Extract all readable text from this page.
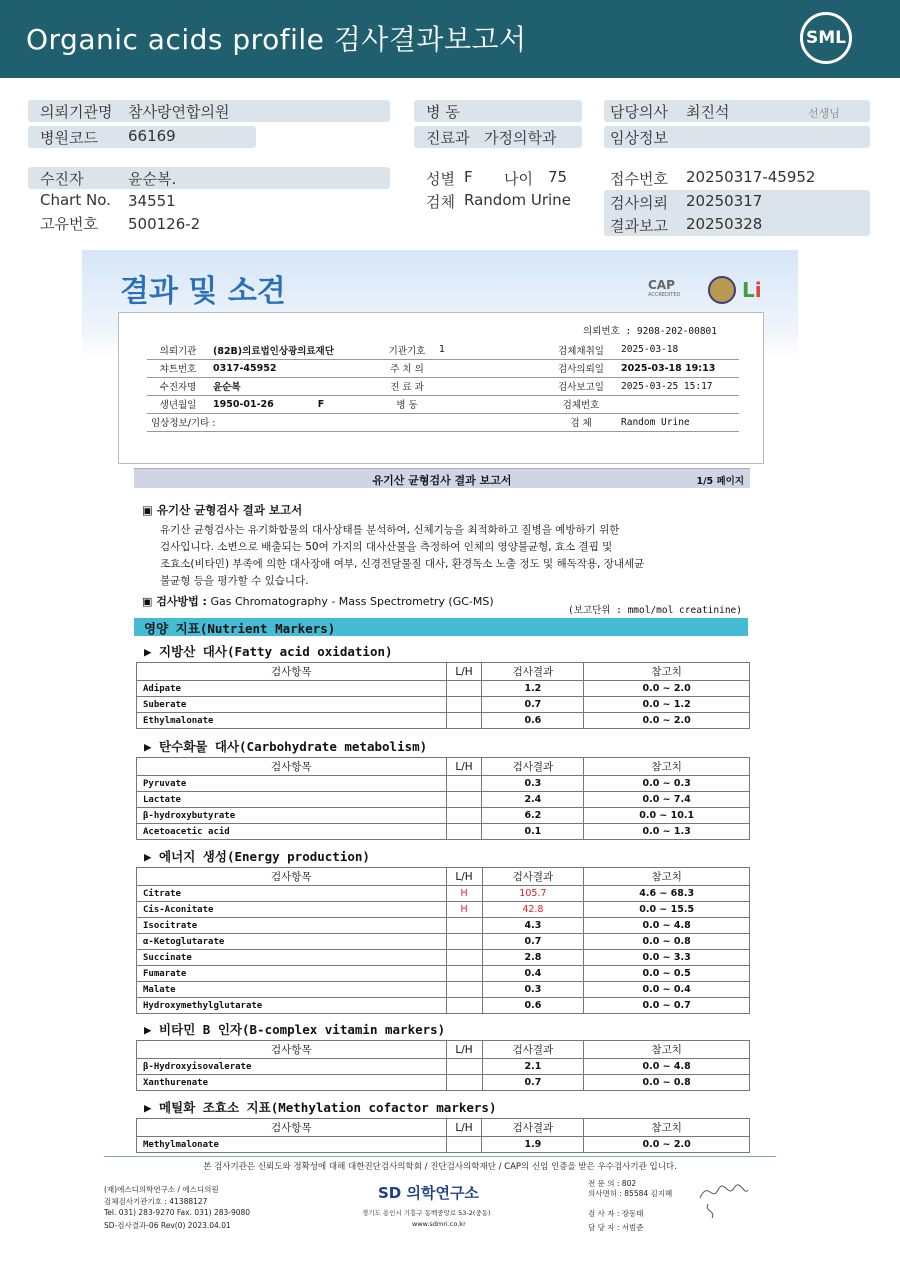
Organic acids profile 검사결과보고서	SML
의뢰기관명 참사랑연합의원
병원코드 66169
병 동
진료과 가정의학과
담당의사 최진석	선생님
임상정보
수진자	윤순복.
Chart No. 34551
고유번호 500126-2
성별 F 나이 75
검체 Random Urine
접수번호 20250317-45952
검사의뢰 20250317
결과보고 20250328
결과 및 소견	CAP
ACCREDITED	Li
의뢰번호 : 9208-202-00801
의뢰기관	(82B)의료법인상광의료재단	기관기호	1	검체채취일	2025-03-18
챠트번호	0317-45952	주 치 의		검사의뢰일	2025-03-18 19:13
수진자명	윤순복	진 료 과		검사보고일	2025-03-25 15:17
생년월일	1950-01-26 F	병 동		검체번호	
임상정보/기타 :				검 체	Random Urine
유기산 균형검사 결과 보고서	1/5 페이지
▣ 유기산 균형검사 결과 보고서
유기산 균형검사는 유기화합물의 대사상태를 분석하여, 신체기능을 최적화하고 질병을 예방하기 위한
검사입니다. 소변으로 배출되는 50여 가지의 대사산물을 측정하여 인체의 영양불균형, 효소 결핍 및
조효소(비타민) 부족에 의한 대사장애 여부, 신경전달물질 대사, 환경독소 노출 정도 및 해독작용, 장내세균
불균형 등을 평가할 수 있습니다.
▣ 검사방법 : Gas Chromatography - Mass Spectrometry (GC-MS)
(보고단위 : mmol/mol creatinine)
영양 지표(Nutrient Markers)
▶ 지방산 대사(Fatty acid oxidation)
검사항목	L/H	검사결과	참고치
Adipate		1.2	0.0 ~ 2.0
Suberate		0.7	0.0 ~ 1.2
Ethylmalonate		0.6	0.0 ~ 2.0
▶ 탄수화물 대사(Carbohydrate metabolism)
검사항목	L/H	검사결과	참고치
Pyruvate		0.3	0.0 ~ 0.3
Lactate		2.4	0.0 ~ 7.4
β-hydroxybutyrate		6.2	0.0 ~ 10.1
Acetoacetic acid		0.1	0.0 ~ 1.3
▶ 에너지 생성(Energy production)
검사항목	L/H	검사결과	참고치
Citrate	H	105.7	4.6 ~ 68.3
Cis-Aconitate	H	42.8	0.0 ~ 15.5
Isocitrate		4.3	0.0 ~ 4.8
α-Ketoglutarate		0.7	0.0 ~ 0.8
Succinate		2.8	0.0 ~ 3.3
Fumarate		0.4	0.0 ~ 0.5
Malate		0.3	0.0 ~ 0.4
Hydroxymethylglutarate		0.6	0.0 ~ 0.7
▶ 비타민 B 인자(B-complex vitamin markers)
검사항목	L/H	검사결과	참고치
β-Hydroxyisovalerate		2.1	0.0 ~ 4.8
Xanthurenate		0.7	0.0 ~ 0.8
▶ 메틸화 조효소 지표(Methylation cofactor markers)
검사항목	L/H	검사결과	참고치
Methylmalonate		1.9	0.0 ~ 2.0
본 검사기관은 신뢰도와 정확성에 대해 대한진단검사의학회 / 진단검사의학재단 / CAP의 신임 인증을 받은 우수검사기관 입니다.
(재)에스디의학연구소 / 에스디의원
검체검사기관기호 : 41388127
Tel. 031) 283-9270 Fax. 031) 283-9080
SD-검사결과-06 Rev(0) 2023.04.01
SD 의학연구소
경기도 용인시 기흥구 동백중앙로 53-2(중동)
www.sdmri.co.kr
전 문 의 : 802
의사면허 : 85584 김지혜
검 사 자 : 장동태
담 당 자 : 서범준
